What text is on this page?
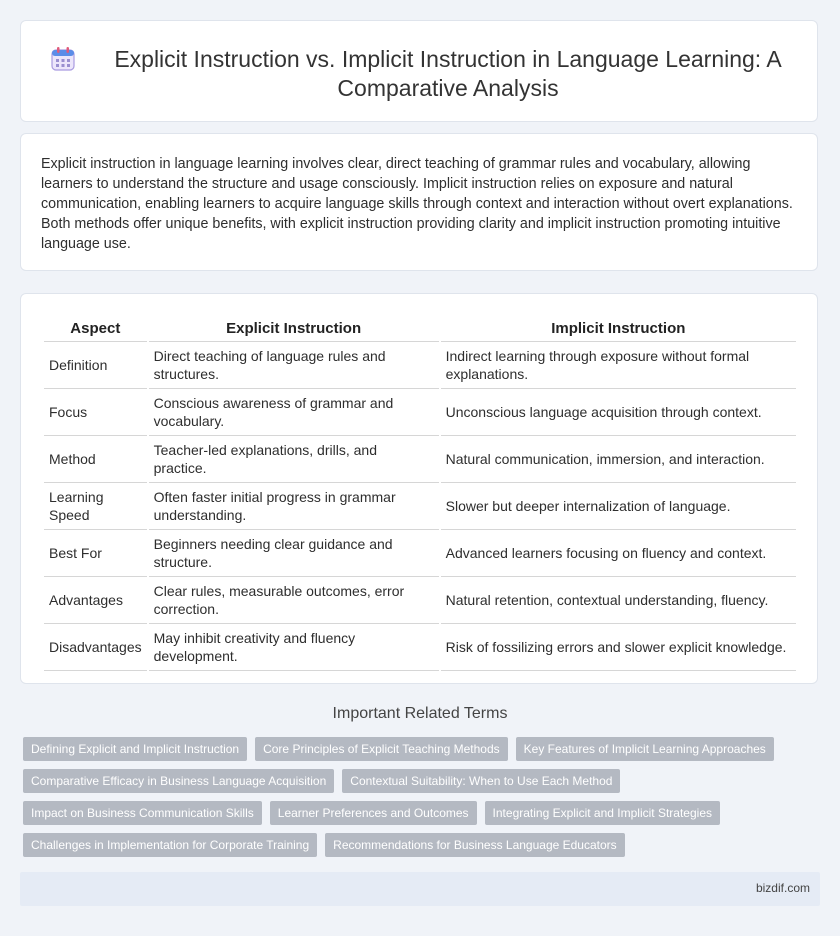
Explicit Instruction vs. Implicit Instruction in Language Learning: A Comparative Analysis

Explicit instruction in language learning involves clear, direct teaching of grammar rules and vocabulary, allowing learners to understand the structure and usage consciously. Implicit instruction relies on exposure and natural communication, enabling learners to acquire language skills through context and interaction without overt explanations. Both methods offer unique benefits, with explicit instruction providing clarity and implicit instruction promoting intuitive language use.

Aspect	Explicit Instruction	Implicit Instruction
Definition	Direct teaching of language rules and structures.	Indirect learning through exposure without formal explanations.
Focus	Conscious awareness of grammar and vocabulary.	Unconscious language acquisition through context.
Method	Teacher-led explanations, drills, and practice.	Natural communication, immersion, and interaction.
Learning Speed	Often faster initial progress in grammar understanding.	Slower but deeper internalization of language.
Best For	Beginners needing clear guidance and structure.	Advanced learners focusing on fluency and context.
Advantages	Clear rules, measurable outcomes, error correction.	Natural retention, contextual understanding, fluency.
Disadvantages	May inhibit creativity and fluency development.	Risk of fossilizing errors and slower explicit knowledge.
Important Related Terms
Defining Explicit and Implicit Instruction	Core Principles of Explicit Teaching Methods	Key Features of Implicit Learning Approaches
Comparative Efficacy in Business Language Acquisition	Contextual Suitability: When to Use Each Method
Impact on Business Communication Skills	Learner Preferences and Outcomes	Integrating Explicit and Implicit Strategies
Challenges in Implementation for Corporate Training	Recommendations for Business Language Educators
bizdif.com
